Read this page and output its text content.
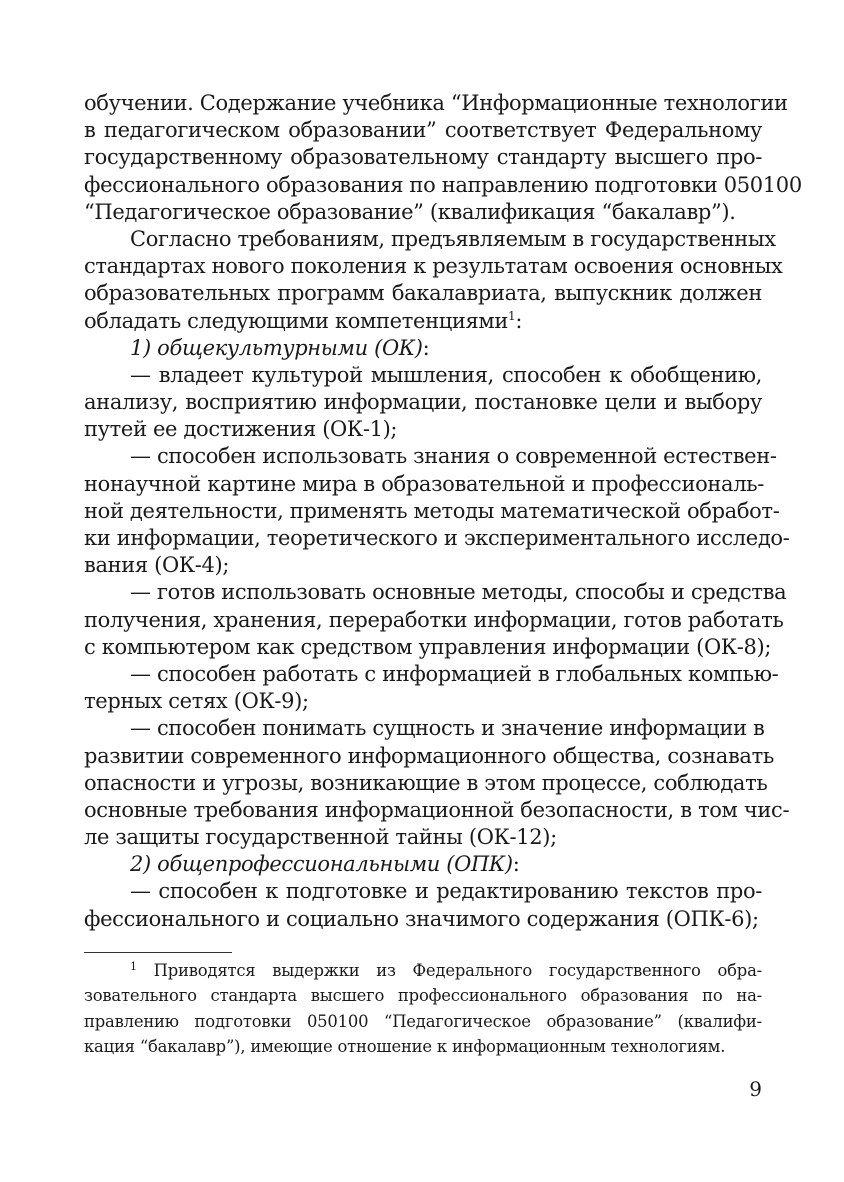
обучении. Содержание учебника “Информационные технологии
в педагогическом образовании” соответствует Федеральному
государственному образовательному стандарту высшего про-
фессионального образования по направлению подготовки 050100
“Педагогическое образование” (квалификация “бакалавр”).
Согласно требованиям, предъявляемым в государственных
стандартах нового поколения к результатам освоения основных
образовательных программ бакалавриата, выпускник должен
обладать следующими компетенциями$^1$:
1) общекультурными (ОК):
— владеет культурой мышления, способен к обобщению,
анализу, восприятию информации, постановке цели и выбору
путей ее достижения (ОК-1);
— способен использовать знания о современной естествен-
нонаучной картине мира в образовательной и профессиональ-
ной деятельности, применять методы математической обработ-
ки информации, теоретического и экспериментального исследо-
вания (ОК-4);
— готов использовать основные методы, способы и средства
получения, хранения, переработки информации, готов работать
с компьютером как средством управления информации (ОК-8);
— способен работать с информацией в глобальных компью-
терных сетях (ОК-9);
— способен понимать сущность и значение информации в
развитии современного информационного общества, сознавать
опасности и угрозы, возникающие в этом процессе, соблюдать
основные требования информационной безопасности, в том чис-
ле защиты государственной тайны (ОК-12);
2) общепрофессиональными (ОПК):
— способен к подготовке и редактированию текстов про-
фессионального и социально значимого содержания (ОПК-6);
$^1$ Приводятся выдержки из Федерального государственного обра-
зовательного стандарта высшего профессионального образования по на-
правлению подготовки 050100 “Педагогическое образование” (квалифи-
кация “бакалавр”), имеющие отношение к информационным технологиям.
9
